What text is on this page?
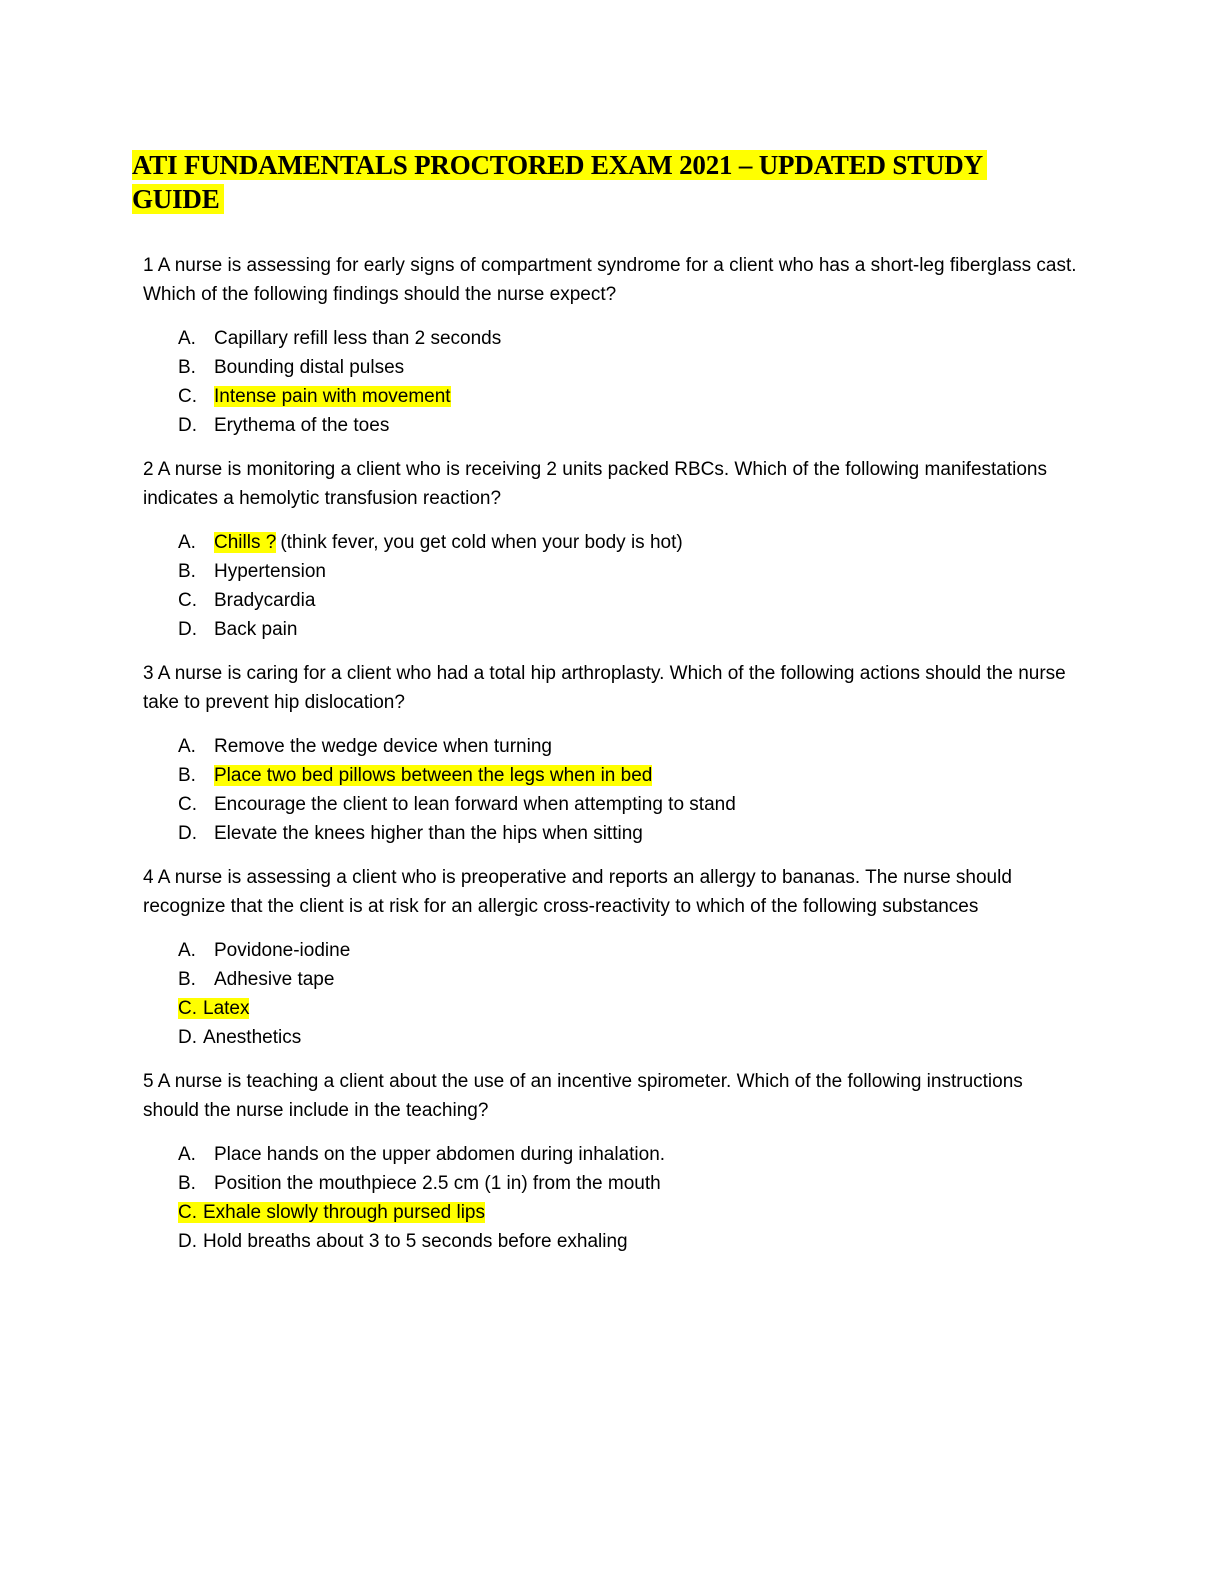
ATI FUNDAMENTALS PROCTORED EXAM 2021 – UPDATED STUDY GUIDE

1 A nurse is assessing for early signs of compartment syndrome for a client who has a short-leg fiberglass cast. Which of the following findings should the nurse expect?

A. Capillary refill less than 2 seconds
B. Bounding distal pulses
C. Intense pain with movement
D. Erythema of the toes

2 A nurse is monitoring a client who is receiving 2 units packed RBCs. Which of the following manifestations indicates a hemolytic transfusion reaction?

A. Chills ? (think fever, you get cold when your body is hot)
B. Hypertension
C. Bradycardia
D. Back pain

3 A nurse is caring for a client who had a total hip arthroplasty. Which of the following actions should the nurse take to prevent hip dislocation?

A. Remove the wedge device when turning
B. Place two bed pillows between the legs when in bed
C. Encourage the client to lean forward when attempting to stand
D. Elevate the knees higher than the hips when sitting

4 A nurse is assessing a client who is preoperative and reports an allergy to bananas. The nurse should recognize that the client is at risk for an allergic cross-reactivity to which of the following substances

A. Povidone-iodine
B. Adhesive tape
C. Latex
D. Anesthetics

5 A nurse is teaching a client about the use of an incentive spirometer. Which of the following instructions should the nurse include in the teaching?

A. Place hands on the upper abdomen during inhalation.
B. Position the mouthpiece 2.5 cm (1 in) from the mouth
C. Exhale slowly through pursed lips
D. Hold breaths about 3 to 5 seconds before exhaling
